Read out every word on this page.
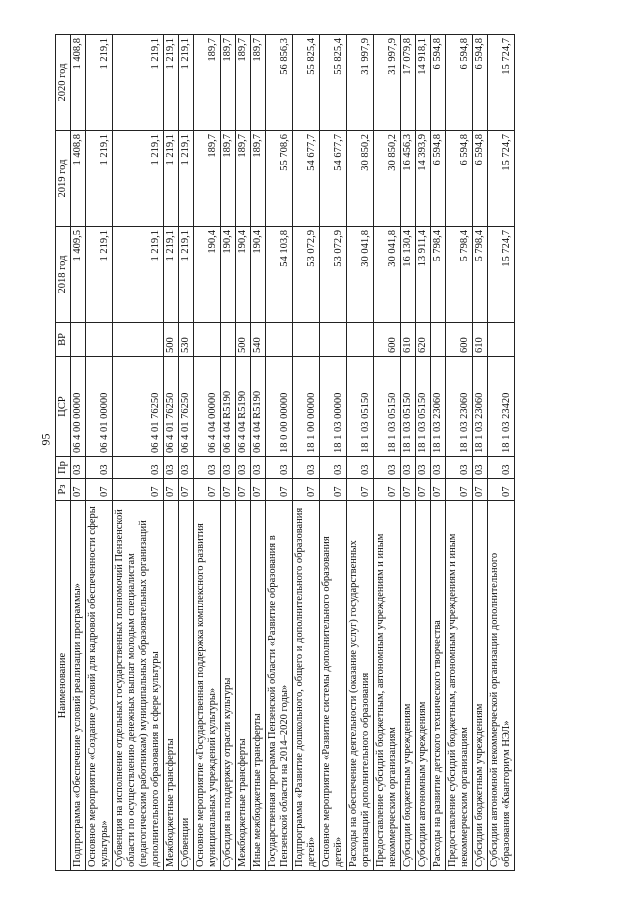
95
Наименование	Рз	Пр	ЦСР	ВР	2018 год	2019 год	2020 год
Подпрограмма «Обеспечение условий реализации программы»	07	03	06 4 00 00000		1 409,5	1 408,8	1 408,8
Основное мероприятие «Создание условий для кадровой обеспеченности сферы культуры»	07	03	06 4 01 00000		1 219,1	1 219,1	1 219,1
Субвенция на исполнение отдельных государственных полномочий Пензенской области по осуществлению денежных выплат молодым специалистам (педагогическим работникам) муниципальных образовательных организаций дополнительного образования в сфере культуры	07	03	06 4 01 76250		1 219,1	1 219,1	1 219,1
Межбюджетные трансферты	07	03	06 4 01 76250	500	1 219,1	1 219,1	1 219,1
Субвенции	07	03	06 4 01 76250	530	1 219,1	1 219,1	1 219,1
Основное мероприятие «Государственная поддержка комплексного развития муниципальных учреждений культуры»	07	03	06 4 04 00000		190,4	189,7	189,7
Субсидия на поддержку отрасли культуры	07	03	06 4 04 R5190		190,4	189,7	189,7
Межбюджетные трансферты	07	03	06 4 04 R5190	500	190,4	189,7	189,7
Иные межбюджетные трансферты	07	03	06 4 04 R5190	540	190,4	189,7	189,7
Государственная программа Пензенской области «Развитие образования в Пензенской области на 2014–2020 годы»	07	03	18 0 00 00000		54 103,8	55 708,6	56 856,3
Подпрограмма «Развитие дошкольного, общего и дополнительного образования детей»	07	03	18 1 00 00000		53 072,9	54 677,7	55 825,4
Основное мероприятие «Развитие системы дополнительного образования детей»	07	03	18 1 03 00000		53 072,9	54 677,7	55 825,4
Расходы на обеспечение деятельности (оказание услуг) государственных организаций дополнительного образования	07	03	18 1 03 05150		30 041,8	30 850,2	31 997,9
Предоставление субсидий бюджетным, автономным учреждениям и иным некоммерческим организациям	07	03	18 1 03 05150	600	30 041,8	30 850,2	31 997,9
Субсидии бюджетным учреждениям	07	03	18 1 03 05150	610	16 130,4	16 456,3	17 079,8
Субсидии автономным учреждениям	07	03	18 1 03 05150	620	13 911,4	14 393,9	14 918,1
Расходы на развитие детского технического творчества	07	03	18 1 03 23060		5 798,4	6 594,8	6 594,8
Предоставление субсидий бюджетным, автономным учреждениям и иным некоммерческим организациям	07	03	18 1 03 23060	600	5 798,4	6 594,8	6 594,8
Субсидии бюджетным учреждениям	07	03	18 1 03 23060	610	5 798,4	6 594,8	6 594,8
Субсидии автономной некоммерческой организации дополнительного образования «Кванториум НЭЛ»	07	03	18 1 03 23420		15 724,7	15 724,7	15 724,7
